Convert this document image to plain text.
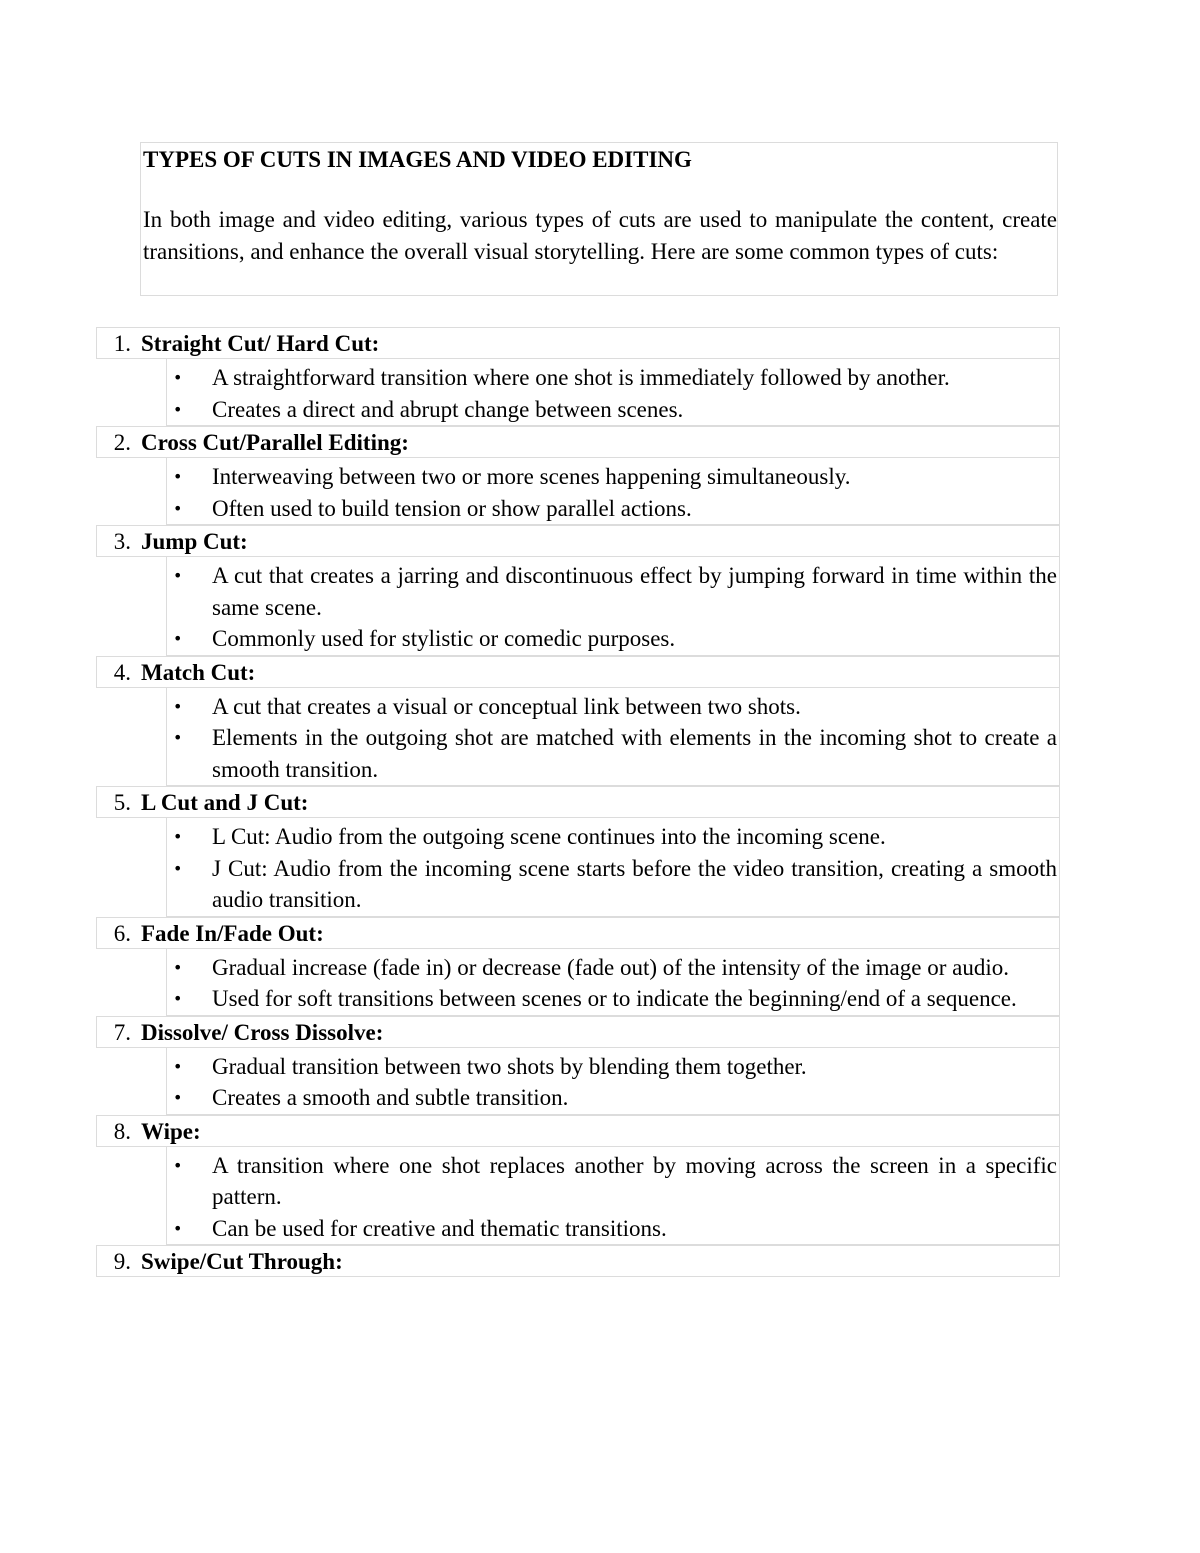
TYPES OF CUTS IN IMAGES AND VIDEO EDITING
In both image and video editing, various types of cuts are used to manipulate the content, create transitions, and enhance the overall visual storytelling. Here are some common types of cuts:
1. Straight Cut/ Hard Cut:
• A straightforward transition where one shot is immediately followed by another.
• Creates a direct and abrupt change between scenes.
2. Cross Cut/Parallel Editing:
• Interweaving between two or more scenes happening simultaneously.
• Often used to build tension or show parallel actions.
3. Jump Cut:
• A cut that creates a jarring and discontinuous effect by jumping forward in time within the same scene.
• Commonly used for stylistic or comedic purposes.
4. Match Cut:
• A cut that creates a visual or conceptual link between two shots.
• Elements in the outgoing shot are matched with elements in the incoming shot to create a smooth transition.
5. L Cut and J Cut:
• L Cut: Audio from the outgoing scene continues into the incoming scene.
• J Cut: Audio from the incoming scene starts before the video transition, creating a smooth audio transition.
6. Fade In/Fade Out:
• Gradual increase (fade in) or decrease (fade out) of the intensity of the image or audio.
• Used for soft transitions between scenes or to indicate the beginning/end of a sequence.
7. Dissolve/ Cross Dissolve:
• Gradual transition between two shots by blending them together.
• Creates a smooth and subtle transition.
8. Wipe:
• A transition where one shot replaces another by moving across the screen in a specific pattern.
• Can be used for creative and thematic transitions.
9. Swipe/Cut Through:
